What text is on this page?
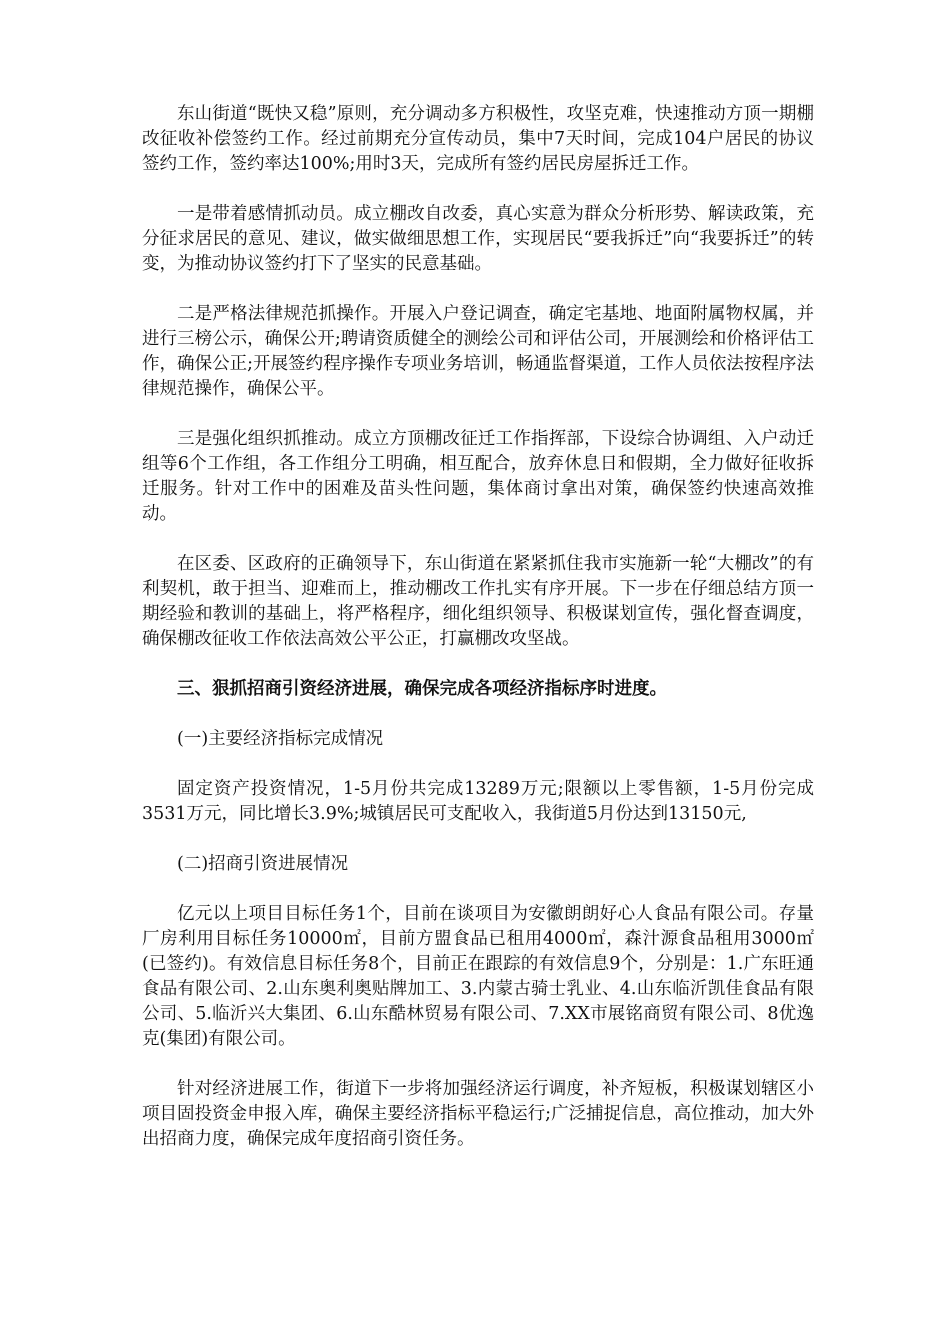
东山街道“既快又稳”原则，充分调动多方积极性，攻坚克难，快速推动方顶一期棚改征收补偿签约工作。经过前期充分宣传动员，集中7天时间，完成104户居民的协议签约工作，签约率达100%;用时3天，完成所有签约居民房屋拆迁工作。

一是带着感情抓动员。成立棚改自改委，真心实意为群众分析形势、解读政策，充分征求居民的意见、建议，做实做细思想工作，实现居民“要我拆迁”向“我要拆迁”的转变，为推动协议签约打下了坚实的民意基础。

二是严格法律规范抓操作。开展入户登记调查，确定宅基地、地面附属物权属，并进行三榜公示，确保公开;聘请资质健全的测绘公司和评估公司，开展测绘和价格评估工作，确保公正;开展签约程序操作专项业务培训，畅通监督渠道，工作人员依法按程序法律规范操作，确保公平。

三是强化组织抓推动。成立方顶棚改征迁工作指挥部，下设综合协调组、入户动迁组等6个工作组，各工作组分工明确，相互配合，放弃休息日和假期，全力做好征收拆迁服务。针对工作中的困难及苗头性问题，集体商讨拿出对策，确保签约快速高效推动。

在区委、区政府的正确领导下，东山街道在紧紧抓住我市实施新一轮“大棚改”的有利契机，敢于担当、迎难而上，推动棚改工作扎实有序开展。下一步在仔细总结方顶一期经验和教训的基础上，将严格程序，细化组织领导、积极谋划宣传，强化督查调度，确保棚改征收工作依法高效公平公正，打赢棚改攻坚战。

三、狠抓招商引资经济进展，确保完成各项经济指标序时进度。

(一)主要经济指标完成情况

固定资产投资情况，1-5月份共完成13289万元;限额以上零售额，1-5月份完成3531万元，同比增长3.9%;城镇居民可支配收入，我街道5月份达到13150元,

(二)招商引资进展情况

亿元以上项目目标任务1个，目前在谈项目为安徽朗朗好心人食品有限公司。存量厂房利用目标任务10000㎡，目前方盟食品已租用4000㎡，森汁源食品租用3000㎡(已签约)。有效信息目标任务8个，目前正在跟踪的有效信息9个，分别是：1.广东旺通食品有限公司、2.山东奥利奥贴牌加工、3.内蒙古骑士乳业、4.山东临沂凯佳食品有限公司、5.临沂兴大集团、6.山东酷林贸易有限公司、7.XX市展铭商贸有限公司、8优逸克(集团)有限公司。

针对经济进展工作，街道下一步将加强经济运行调度，补齐短板，积极谋划辖区小项目固投资金申报入库，确保主要经济指标平稳运行;广泛捕捉信息，高位推动，加大外出招商力度，确保完成年度招商引资任务。
